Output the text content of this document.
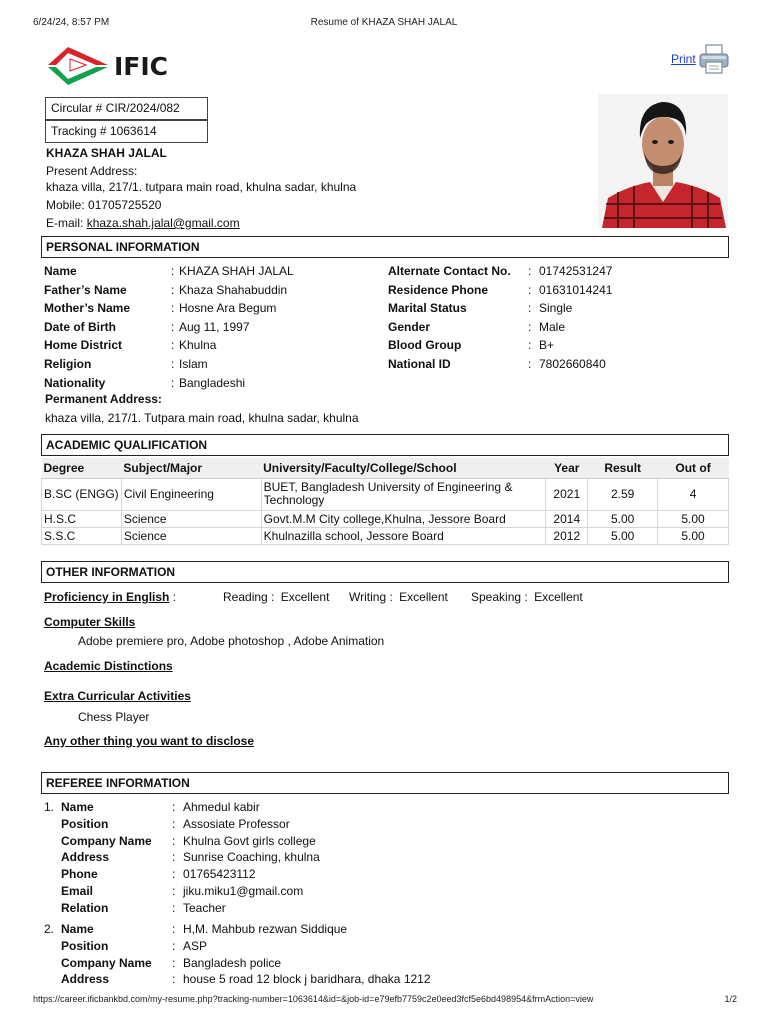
6/24/24, 8:57 PM	Resume of KHAZA SHAH JALAL
IFIC	Print
Circular # CIR/2024/082
Tracking # 1063614
KHAZA SHAH JALAL
Present Address:
khaza villa, 217/1. tutpara main road, khulna sadar, khulna
Mobile: 01705725520
E-mail: khaza.shah.jalal@gmail.com
PERSONAL INFORMATION
Name	: KHAZA SHAH JALAL
Father’s Name	: Khaza Shahabuddin
Mother’s Name	: Hosne Ara Begum
Date of Birth	: Aug 11, 1997
Home District	: Khulna
Religion	: Islam
Nationality	: Bangladeshi
Alternate Contact No. : 01742531247
Residence Phone	: 01631014241
Marital Status	: Single
Gender	: Male
Blood Group	: B+
National ID	: 7802660840
Permanent Address:
khaza villa, 217/1. Tutpara main road, khulna sadar, khulna
ACADEMIC QUALIFICATION
Degree	Subject/Major	University/Faculty/College/School	Year	Result	Out of
B.SC (ENGG)	Civil Engineering	BUET, Bangladesh University of Engineering & Technology	2021	2.59	4
H.S.C	Science	Govt.M.M City college,Khulna, Jessore Board	2014	5.00	5.00
S.S.C	Science	Khulnazilla school, Jessore Board	2012	5.00	5.00
OTHER INFORMATION
Proficiency in English :	Reading : Excellent Writing : Excellent Speaking : Excellent
Computer Skills
Adobe premiere pro, Adobe photoshop , Adobe Animation
Academic Distinctions
Extra Curricular Activities
Chess Player
Any other thing you want to disclose
REFEREE INFORMATION
1. Name	: Ahmedul kabir
Position	: Assosiate Professor
Company Name : Khulna Govt girls college
Address	: Sunrise Coaching, khulna
Phone	: 01765423112
Email	: jiku.miku1@gmail.com
Relation	: Teacher
2. Name	: H,M. Mahbub rezwan Siddique
Position	: ASP
Company Name : Bangladesh police
Address	: house 5 road 12 block j baridhara, dhaka 1212
https://career.ificbankbd.com/my-resume.php?tracking-number=1063614&id=&job-id=e79efb7759c2e0eed3fcf5e6bd498954&frmAction=view	1/2
